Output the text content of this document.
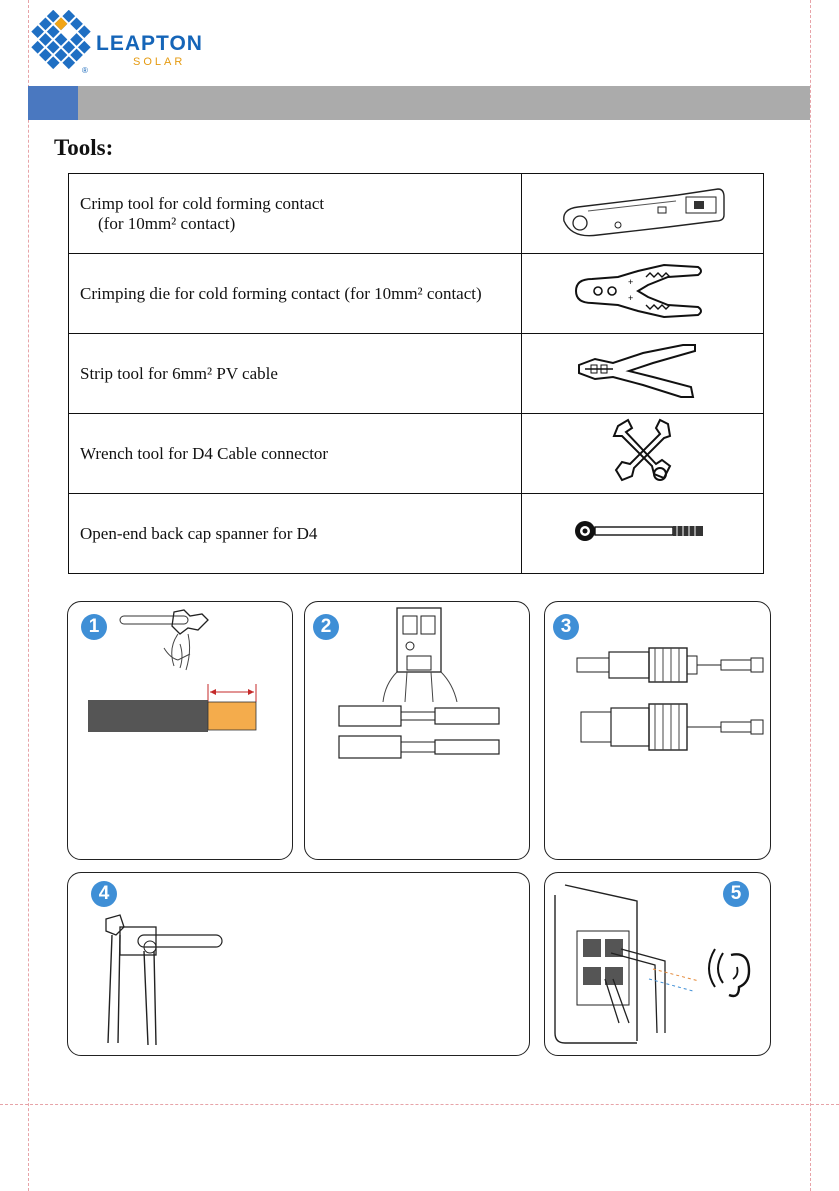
LEAPTON
SOLAR
®
Tools:
Crimp tool for cold forming contact
(for 10mm² contact)

Crimping die for cold forming contact (for 10mm² contact)	+
+

Strip tool for 6mm² PV cable

Wrench tool for D4 Cable connector

Open-end back cap spanner for D4

1	2	3
4	5
